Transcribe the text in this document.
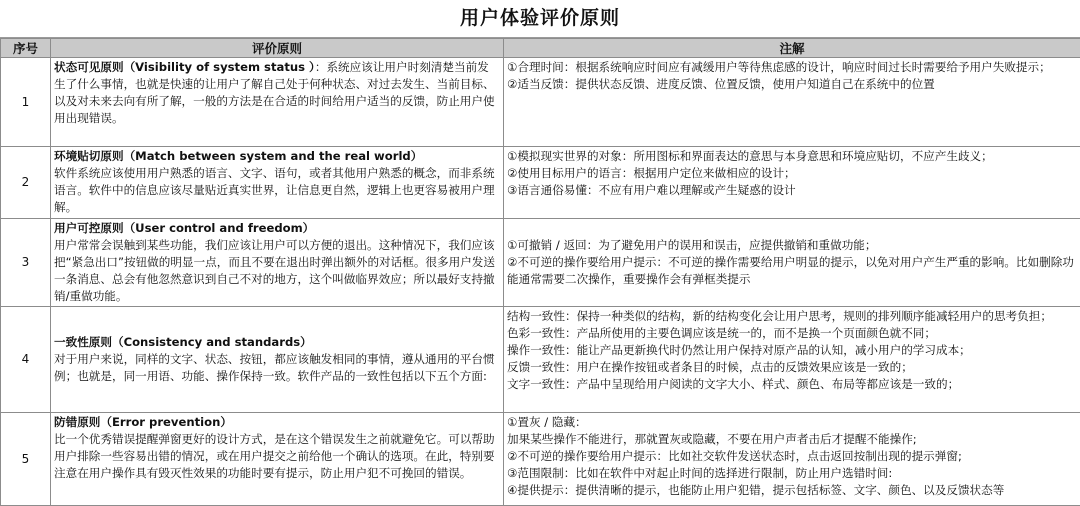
用户体验评价原则
序号	评价原则	注解
1	状态可见原则（Visibility of system status ）：系统应该让用户时刻清楚当前发生了什么事情，也就是快速的让用户了解自己处于何种状态、对过去发生、当前目标、以及对未来去向有所了解，一般的方法是在合适的时间给用户适当的反馈，防止用户使用出现错误。	①合理时间：根据系统响应时间应有减缓用户等待焦虑感的设计，响应时间过长时需要给予用户失败提示；
②适当反馈：提供状态反馈、进度反馈、位置反馈，使用户知道自己在系统中的位置

2	环境贴切原则（Match between system and the real world）
软件系统应该使用用户熟悉的语言、文字、语句，或者其他用户熟悉的概念，而非系统语言。软件中的信息应该尽量贴近真实世界，让信息更自然，逻辑上也更容易被用户理解。	①模拟现实世界的对象：所用图标和界面表达的意思与本身意思和环境应贴切，不应产生歧义；
②使用目标用户的语言：根据用户定位来做相应的设计；
③语言通俗易懂：不应有用户难以理解或产生疑惑的设计

3	用户可控原则（User control and freedom）
用户常常会误触到某些功能，我们应该让用户可以方便的退出。这种情况下，我们应该把“紧急出口”按钮做的明显一点，而且不要在退出时弹出额外的对话框。很多用户发送一条消息、总会有他忽然意识到自己不对的地方，这个叫做临界效应；所以最好支持撤销/重做功能。	①可撤销 / 返回：为了避免用户的误用和误击，应提供撤销和重做功能；
②不可逆的操作要给用户提示：不可逆的操作需要给用户明显的提示，以免对用户产生严重的影响。比如删除功能通常需要二次操作，重要操作会有弹框类提示

4	一致性原则（Consistency and standards）
对于用户来说，同样的文字、状态、按钮，都应该触发相同的事情，遵从通用的平台惯例；也就是，同一用语、功能、操作保持一致。软件产品的一致性包括以下五个方面:	结构一致性：保持一种类似的结构，新的结构变化会让用户思考，规则的排列顺序能减轻用户的思考负担；
色彩一致性：产品所使用的主要色调应该是统一的，而不是换一个页面颜色就不同；
操作一致性：能让产品更新换代时仍然让用户保持对原产品的认知，减小用户的学习成本；
反馈一致性：用户在操作按钮或者条目的时候，点击的反馈效果应该是一致的；
文字一致性：产品中呈现给用户阅读的文字大小、样式、颜色、布局等都应该是一致的；

5	防错原则（Error prevention）
比一个优秀错误提醒弹窗更好的设计方式，是在这个错误发生之前就避免它。可以帮助用户排除一些容易出错的情况，或在用户提交之前给他一个确认的选项。在此，特别要注意在用户操作具有毁灭性效果的功能时要有提示，防止用户犯不可挽回的错误。	①置灰 / 隐藏：
加果某些操作不能进行，那就置灰或隐藏，不要在用户声者击后才提醒不能操作;
②不可逆的操作要给用户提示：比如社交软件发送状态时，点击返回按制出现的提示弹窗;
③范围限制：比如在软件中对起止时间的选择进行限制，防止用户选错时间:
④提供提示：提供清晰的提示，也能防止用户犯错，提示包括标签、文字、颜色、以及反馈状态等
